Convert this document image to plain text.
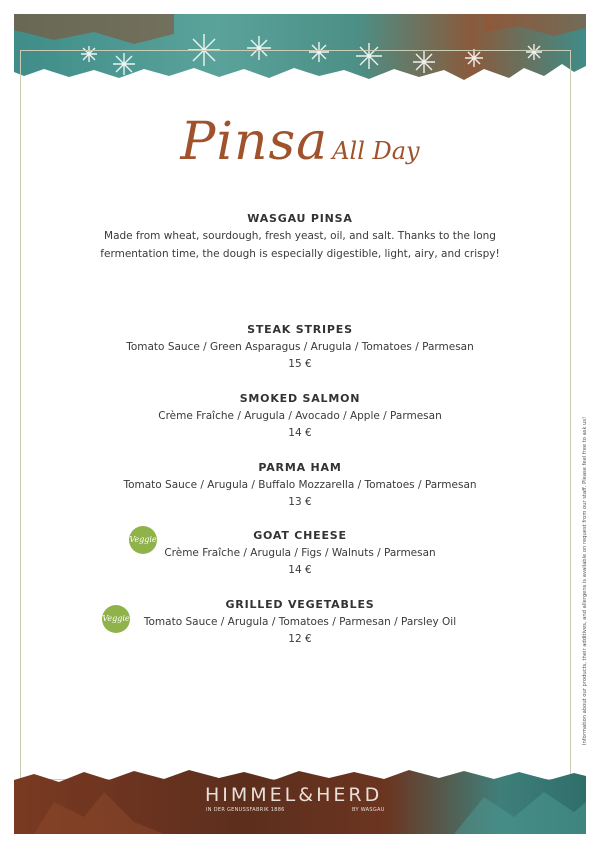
Pinsa All Day
WASGAU PINSA
Made from wheat, sourdough, fresh yeast, oil, and salt. Thanks to the long
fermentation time, the dough is especially digestible, light, airy, and crispy!
STEAK STRIPES
Tomato Sauce / Green Asparagus / Arugula / Tomatoes / Parmesan
15 €
SMOKED SALMON
Crème Fraîche / Arugula / Avocado / Apple / Parmesan
14 €
PARMA HAM
Tomato Sauce / Arugula / Buffalo Mozzarella / Tomatoes / Parmesan
13 €
GOAT CHEESE
Crème Fraîche / Arugula / Figs / Walnuts / Parmesan
14 €
Veggie
GRILLED VEGETABLES
Tomato Sauce / Arugula / Tomatoes / Parmesan / Parsley Oil
12 €
Veggie	Information about our products, their additives, and allergens is available on request from our staff. Please feel free to ask us!
HIMMEL&HERD
IN DER GENUSSFABRIK 1886	BY WASGAU
